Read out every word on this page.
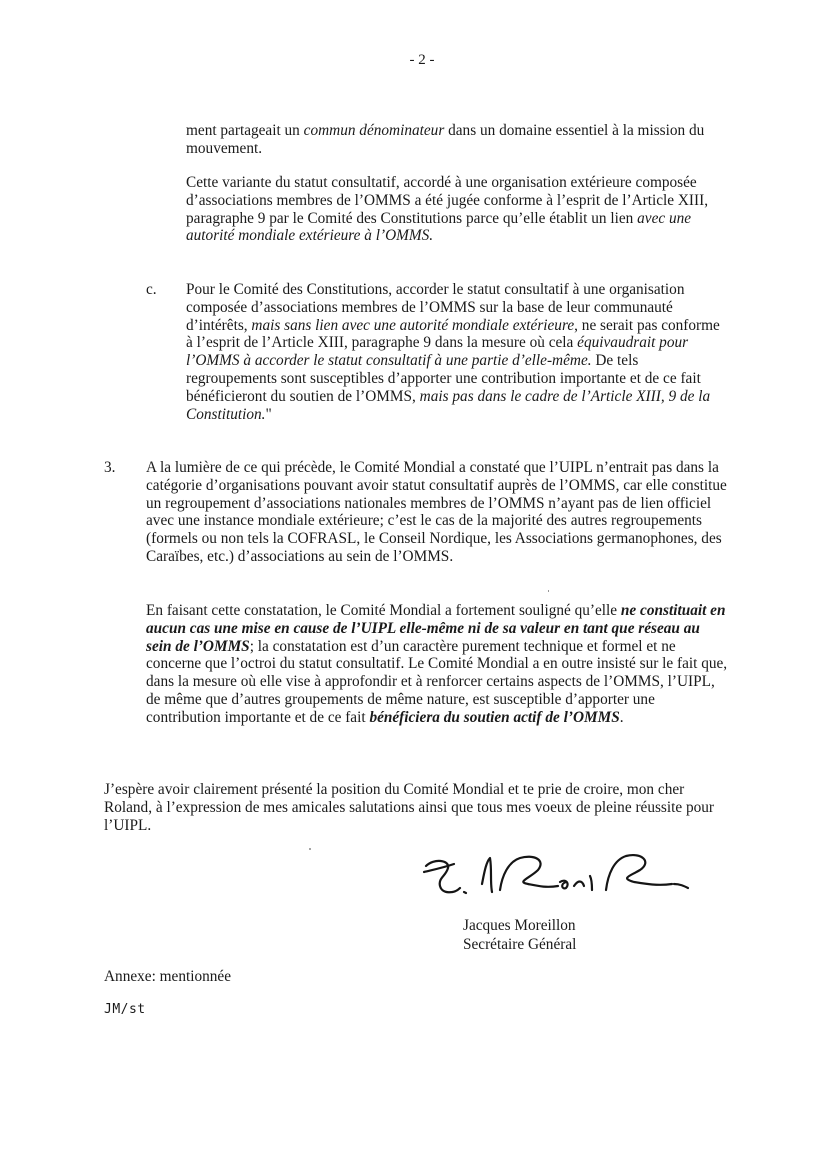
- 2 -

ment partageait un commun dénominateur dans un domaine essentiel à la mission du mouvement.

Cette variante du statut consultatif, accordé à une organisation extérieure composée d’associations membres de l’OMMS a été jugée conforme à l’esprit de l’Article XIII, paragraphe 9 par le Comité des Constitutions parce qu’elle établit un lien avec une autorité mondiale extérieure à l’OMMS.

c. Pour le Comité des Constitutions, accorder le statut consultatif à une organisation composée d’associations membres de l’OMMS sur la base de leur communauté d’intérêts, mais sans lien avec une autorité mondiale extérieure, ne serait pas conforme à l’esprit de l’Article XIII, paragraphe 9 dans la mesure où cela équivaudrait pour l’OMMS à accorder le statut consultatif à une partie d’elle-même. De tels regroupements sont susceptibles d’apporter une contribution importante et de ce fait bénéficieront du soutien de l’OMMS, mais pas dans le cadre de l’Article XIII, 9 de la Constitution."

3. A la lumière de ce qui précède, le Comité Mondial a constaté que l’UIPL n’entrait pas dans la catégorie d’organisations pouvant avoir statut consultatif auprès de l’OMMS, car elle constitue un regroupement d’associations nationales membres de l’OMMS n’ayant pas de lien officiel avec une instance mondiale extérieure; c’est le cas de la majorité des autres regroupements (formels ou non tels la COFRASL, le Conseil Nordique, les Associations germanophones, des Caraïbes, etc.) d’associations au sein de l’OMMS.

En faisant cette constatation, le Comité Mondial a fortement souligné qu’elle ne constituait en aucun cas une mise en cause de l’UIPL elle-même ni de sa valeur en tant que réseau au sein de l’OMMS; la constatation est d’un caractère purement technique et formel et ne concerne que l’octroi du statut consultatif. Le Comité Mondial a en outre insisté sur le fait que, dans la mesure où elle vise à approfondir et à renforcer certains aspects de l’OMMS, l’UIPL, de même que d’autres groupements de même nature, est susceptible d’apporter une contribution importante et de ce fait bénéficiera du soutien actif de l’OMMS.

J’espère avoir clairement présenté la position du Comité Mondial et te prie de croire, mon cher Roland, à l’expression de mes amicales salutations ainsi que tous mes voeux de pleine réussite pour l’UIPL.

Jacques Moreillon
Secrétaire Général
Annexe: mentionnée
JM/st
